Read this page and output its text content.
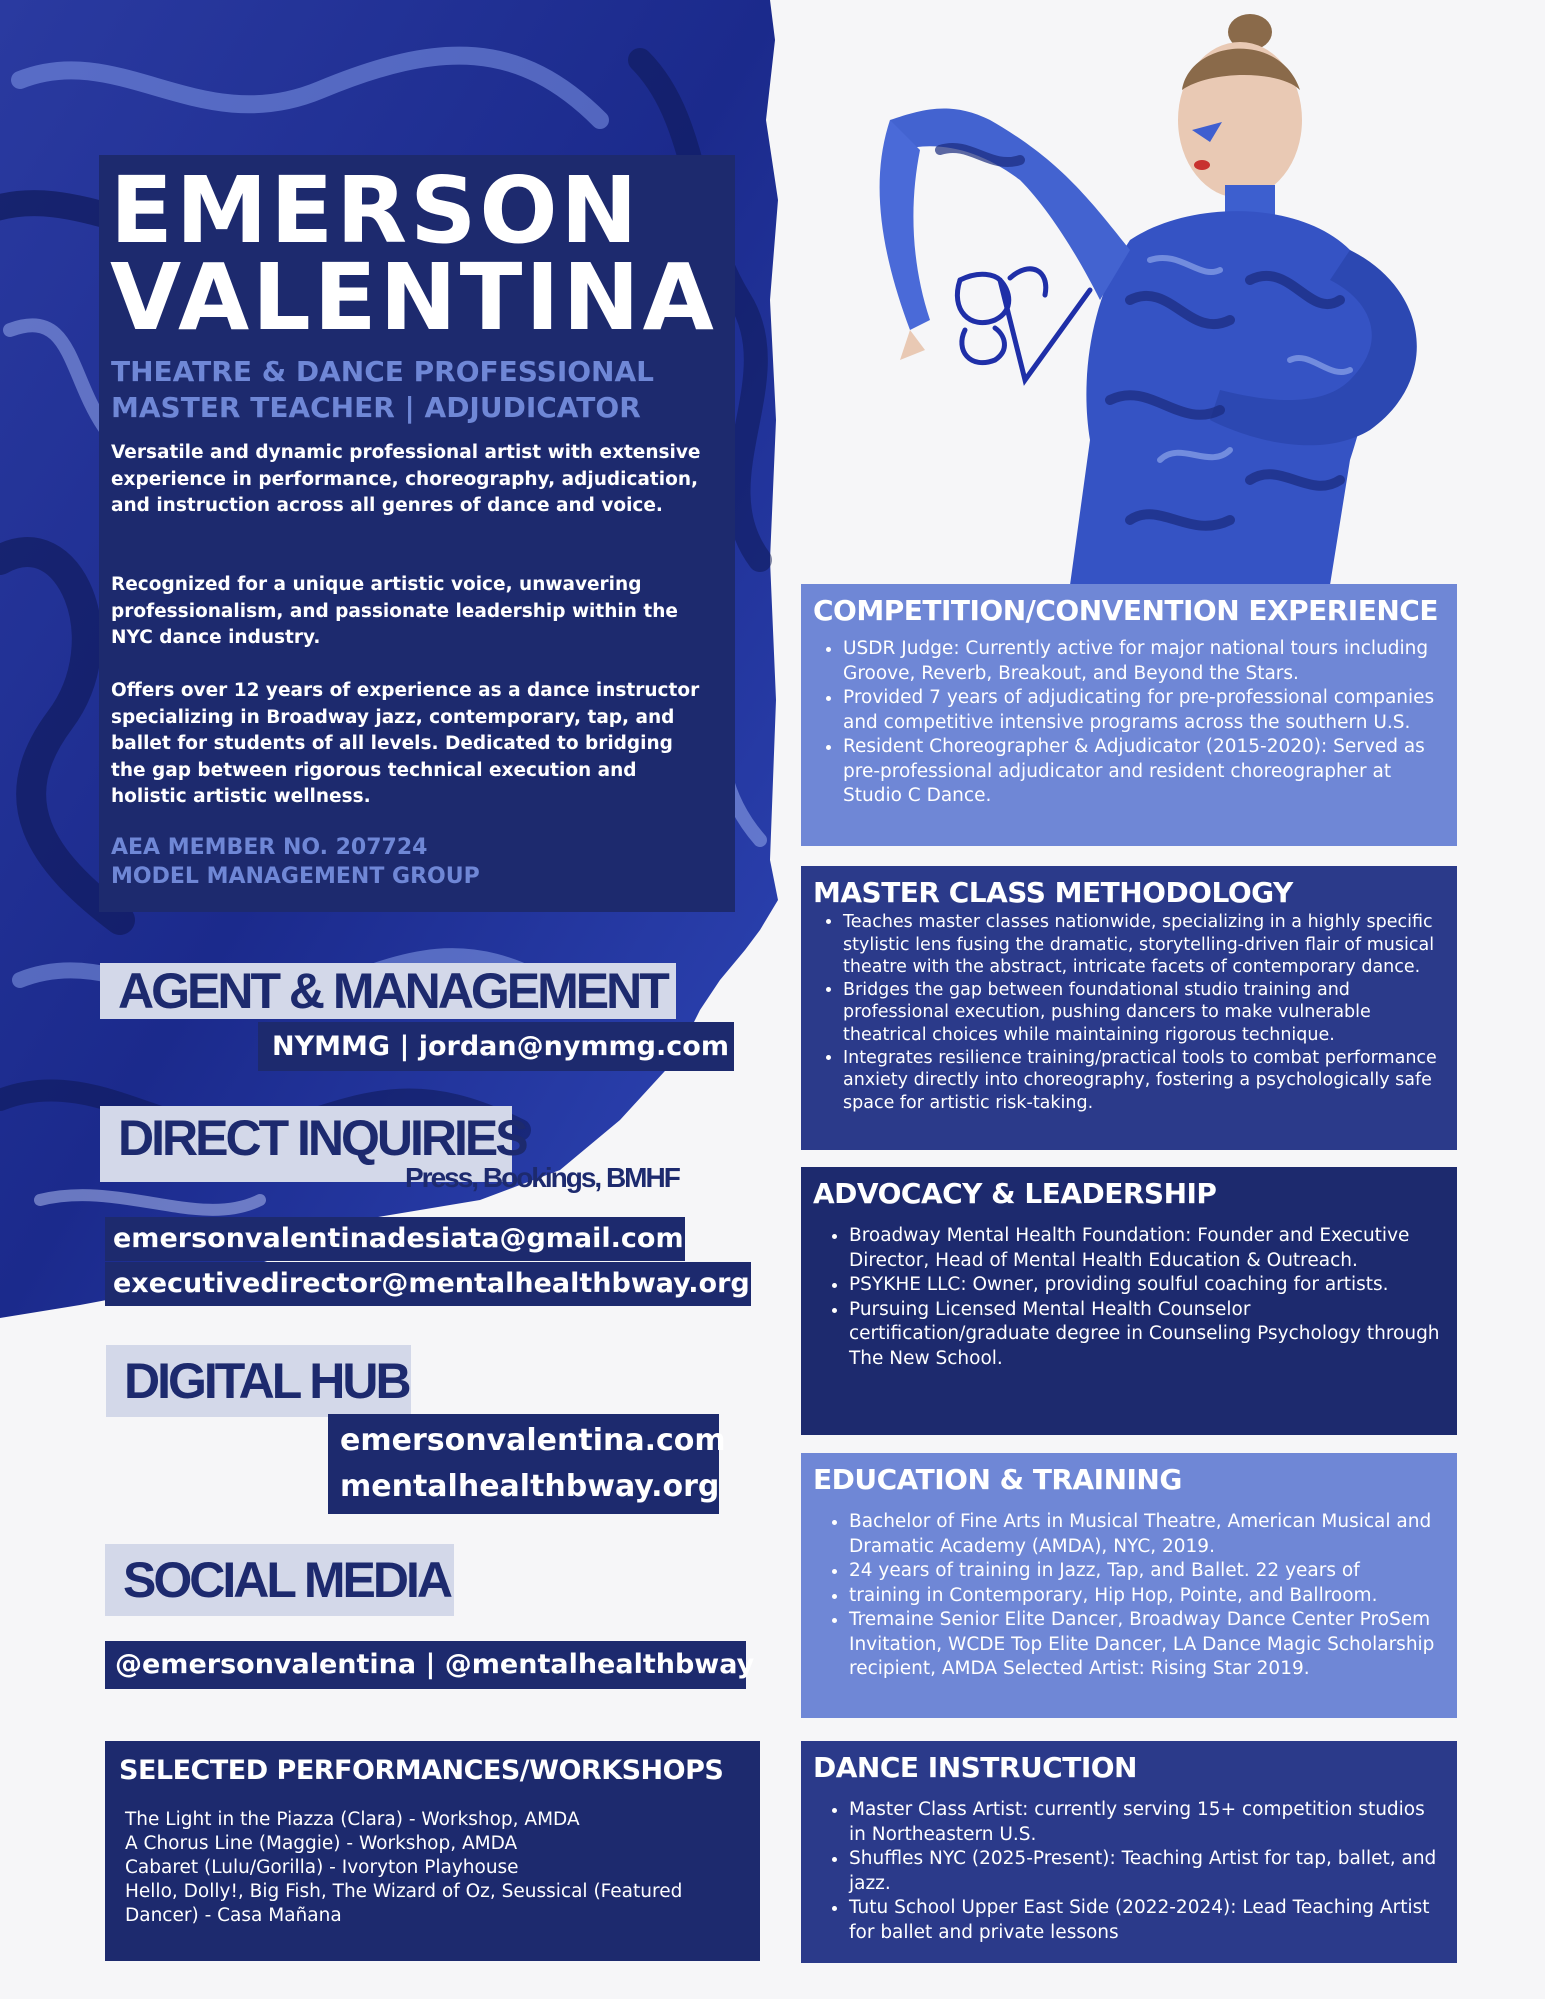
EMERSON
VALENTINA
THEATRE & DANCE PROFESSIONAL
MASTER TEACHER | ADJUDICATOR
Versatile and dynamic professional artist with extensive experience in performance, choreography, adjudication, and instruction across all genres of dance and voice.
Recognized for a unique artistic voice, unwavering professionalism, and passionate leadership within the NYC dance industry.
Offers over 12 years of experience as a dance instructor specializing in Broadway jazz, contemporary, tap, and ballet for students of all levels. Dedicated to bridging the gap between rigorous technical execution and holistic artistic wellness.
AEA MEMBER NO. 207724
MODEL MANAGEMENT GROUP
AGENT & MANAGEMENT
NYMMG | jordan@nymmg.com
DIRECT INQUIRIES
Press, Bookings, BMHF
emersonvalentinadesiata@gmail.com
executivedirector@mentalhealthbway.org
DIGITAL HUB
emersonvalentina.com
mentalhealthbway.org
SOCIAL MEDIA
@emersonvalentina | @mentalhealthbway
SELECTED PERFORMANCES/WORKSHOPS
The Light in the Piazza (Clara) - Workshop, AMDA
A Chorus Line (Maggie) - Workshop, AMDA
Cabaret (Lulu/Gorilla) - Ivoryton Playhouse
Hello, Dolly!, Big Fish, The Wizard of Oz, Seussical (Featured Dancer) - Casa Mañana
COMPETITION/CONVENTION EXPERIENCE
• USDR Judge: Currently active for major national tours including Groove, Reverb, Breakout, and Beyond the Stars.
• Provided 7 years of adjudicating for pre-professional companies and competitive intensive programs across the southern U.S.
• Resident Choreographer & Adjudicator (2015-2020): Served as pre-professional adjudicator and resident choreographer at Studio C Dance.
MASTER CLASS METHODOLOGY
• Teaches master classes nationwide, specializing in a highly specific stylistic lens fusing the dramatic, storytelling-driven flair of musical theatre with the abstract, intricate facets of contemporary dance.
• Bridges the gap between foundational studio training and professional execution, pushing dancers to make vulnerable theatrical choices while maintaining rigorous technique.
• Integrates resilience training/practical tools to combat performance anxiety directly into choreography, fostering a psychologically safe space for artistic risk-taking.
ADVOCACY & LEADERSHIP
• Broadway Mental Health Foundation: Founder and Executive Director, Head of Mental Health Education & Outreach.
• PSYKHE LLC: Owner, providing soulful coaching for artists.
• Pursuing Licensed Mental Health Counselor certification/graduate degree in Counseling Psychology through The New School.
EDUCATION & TRAINING
• Bachelor of Fine Arts in Musical Theatre, American Musical and Dramatic Academy (AMDA), NYC, 2019.
• 24 years of training in Jazz, Tap, and Ballet. 22 years of
• training in Contemporary, Hip Hop, Pointe, and Ballroom.
• Tremaine Senior Elite Dancer, Broadway Dance Center ProSem Invitation, WCDE Top Elite Dancer, LA Dance Magic Scholarship recipient, AMDA Selected Artist: Rising Star 2019.
DANCE INSTRUCTION
• Master Class Artist: currently serving 15+ competition studios in Northeastern U.S.
• Shuffles NYC (2025-Present): Teaching Artist for tap, ballet, and jazz.
• Tutu School Upper East Side (2022-2024): Lead Teaching Artist for ballet and private lessons
